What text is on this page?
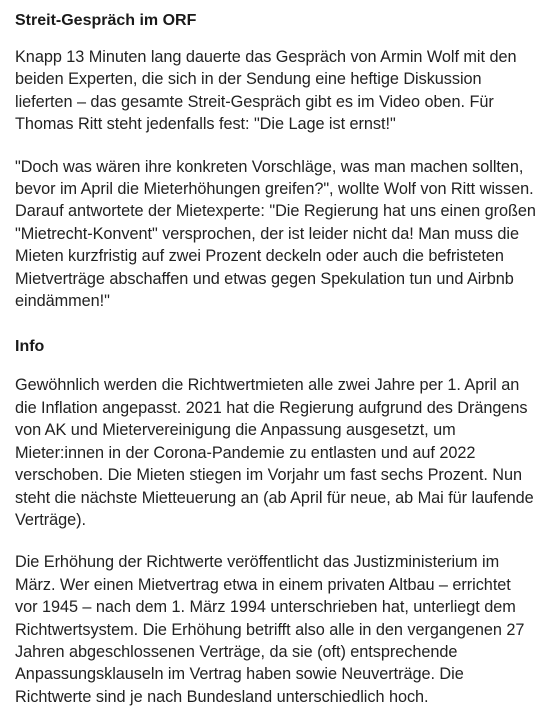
Streit-Gespräch im ORF

Knapp 13 Minuten lang dauerte das Gespräch von Armin Wolf mit den beiden Experten, die sich in der Sendung eine heftige Diskussion lieferten – das gesamte Streit-Gespräch gibt es im Video oben. Für Thomas Ritt steht jedenfalls fest: "Die Lage ist ernst!"

"Doch was wären ihre konkreten Vorschläge, was man machen sollten, bevor im April die Mieterhöhungen greifen?", wollte Wolf von Ritt wissen. Darauf antwortete der Mietexperte: "Die Regierung hat uns einen großen "Mietrecht-Konvent" versprochen, der ist leider nicht da! Man muss die Mieten kurzfristig auf zwei Prozent deckeln oder auch die befristeten Mietverträge abschaffen und etwas gegen Spekulation tun und Airbnb eindämmen!"

Info

Gewöhnlich werden die Richtwertmieten alle zwei Jahre per 1. April an die Inflation angepasst. 2021 hat die Regierung aufgrund des Drängens von AK und Mietervereinigung die Anpassung ausgesetzt, um Mieter:innen in der Corona-Pandemie zu entlasten und auf 2022 verschoben. Die Mieten stiegen im Vorjahr um fast sechs Prozent. Nun steht die nächste Mietteuerung an (ab April für neue, ab Mai für laufende Verträge).

Die Erhöhung der Richtwerte veröffentlicht das Justizministerium im März. Wer einen Mietvertrag etwa in einem privaten Altbau – errichtet vor 1945 – nach dem 1. März 1994 unterschrieben hat, unterliegt dem Richtwertsystem. Die Erhöhung betrifft also alle in den vergangenen 27 Jahren abgeschlossenen Verträge, da sie (oft) entsprechende Anpassungsklauseln im Vertrag haben sowie Neuverträge. Die Richtwerte sind je nach Bundesland unterschiedlich hoch.
